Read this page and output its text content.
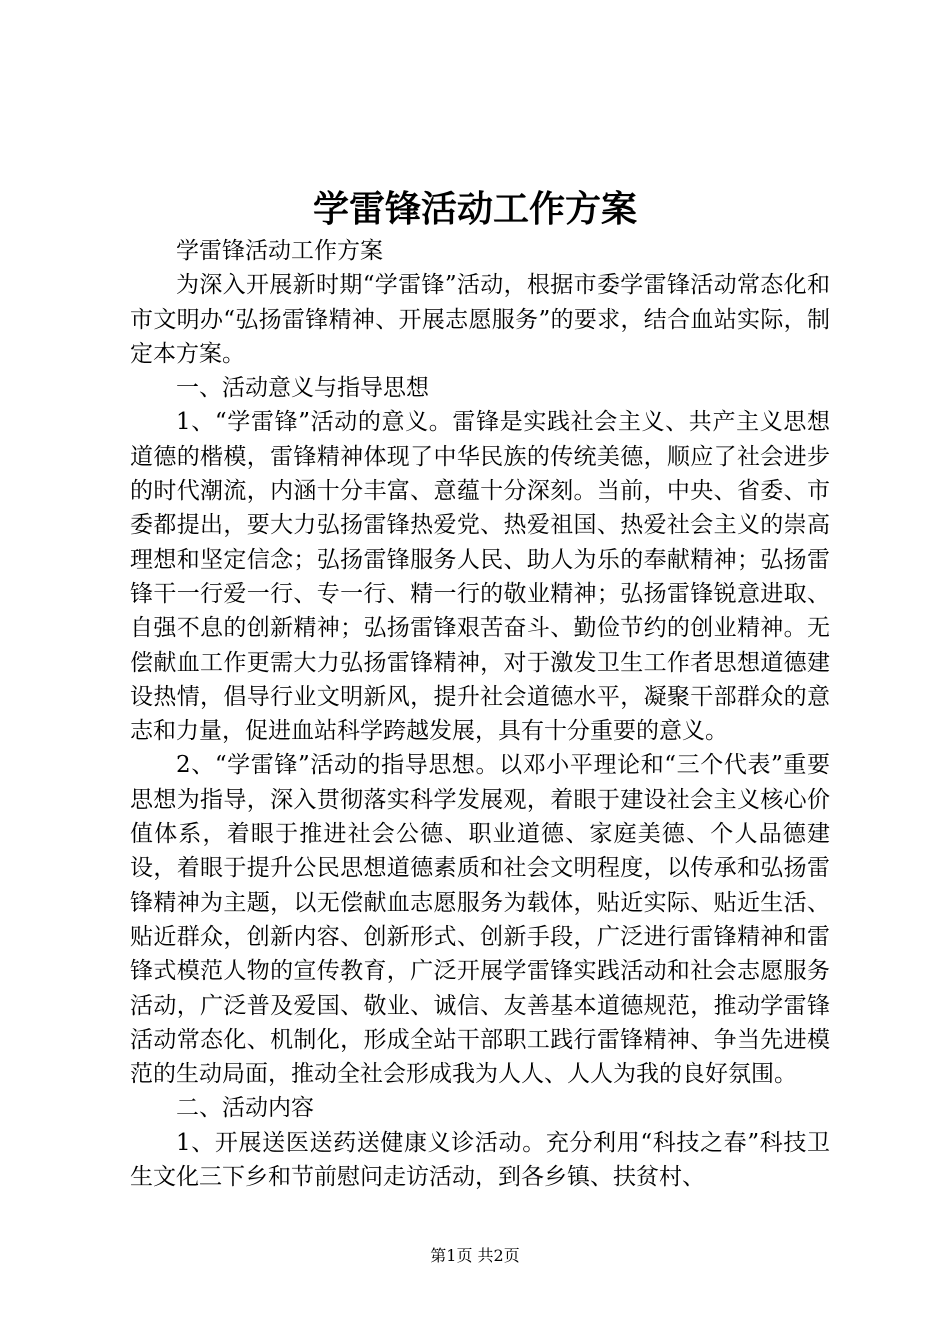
学雷锋活动工作方案

学雷锋活动工作方案

为深入开展新时期“学雷锋”活动，根据市委学雷锋活动常态化和市文明办“弘扬雷锋精神、开展志愿服务”的要求，结合血站实际，制定本方案。

一、活动意义与指导思想

1、“学雷锋”活动的意义。雷锋是实践社会主义、共产主义思想道德的楷模，雷锋精神体现了中华民族的传统美德，顺应了社会进步的时代潮流，内涵十分丰富、意蕴十分深刻。当前，中央、省委、市委都提出，要大力弘扬雷锋热爱党、热爱祖国、热爱社会主义的崇高理想和坚定信念；弘扬雷锋服务人民、助人为乐的奉献精神；弘扬雷锋干一行爱一行、专一行、精一行的敬业精神；弘扬雷锋锐意进取、自强不息的创新精神；弘扬雷锋艰苦奋斗、勤俭节约的创业精神。无偿献血工作更需大力弘扬雷锋精神，对于激发卫生工作者思想道德建设热情，倡导行业文明新风，提升社会道德水平，凝聚干部群众的意志和力量，促进血站科学跨越发展，具有十分重要的意义。

2、“学雷锋”活动的指导思想。以邓小平理论和“三个代表”重要思想为指导，深入贯彻落实科学发展观，着眼于建设社会主义核心价值体系，着眼于推进社会公德、职业道德、家庭美德、个人品德建设，着眼于提升公民思想道德素质和社会文明程度，以传承和弘扬雷锋精神为主题，以无偿献血志愿服务为载体，贴近实际、贴近生活、贴近群众，创新内容、创新形式、创新手段，广泛进行雷锋精神和雷锋式模范人物的宣传教育，广泛开展学雷锋实践活动和社会志愿服务活动，广泛普及爱国、敬业、诚信、友善基本道德规范，推动学雷锋活动常态化、机制化，形成全站干部职工践行雷锋精神、争当先进模范的生动局面，推动全社会形成我为人人、人人为我的良好氛围。

二、活动内容

1、开展送医送药送健康义诊活动。充分利用“科技之春”科技卫生文化三下乡和节前慰问走访活动，到各乡镇、扶贫村、

第1页 共2页
